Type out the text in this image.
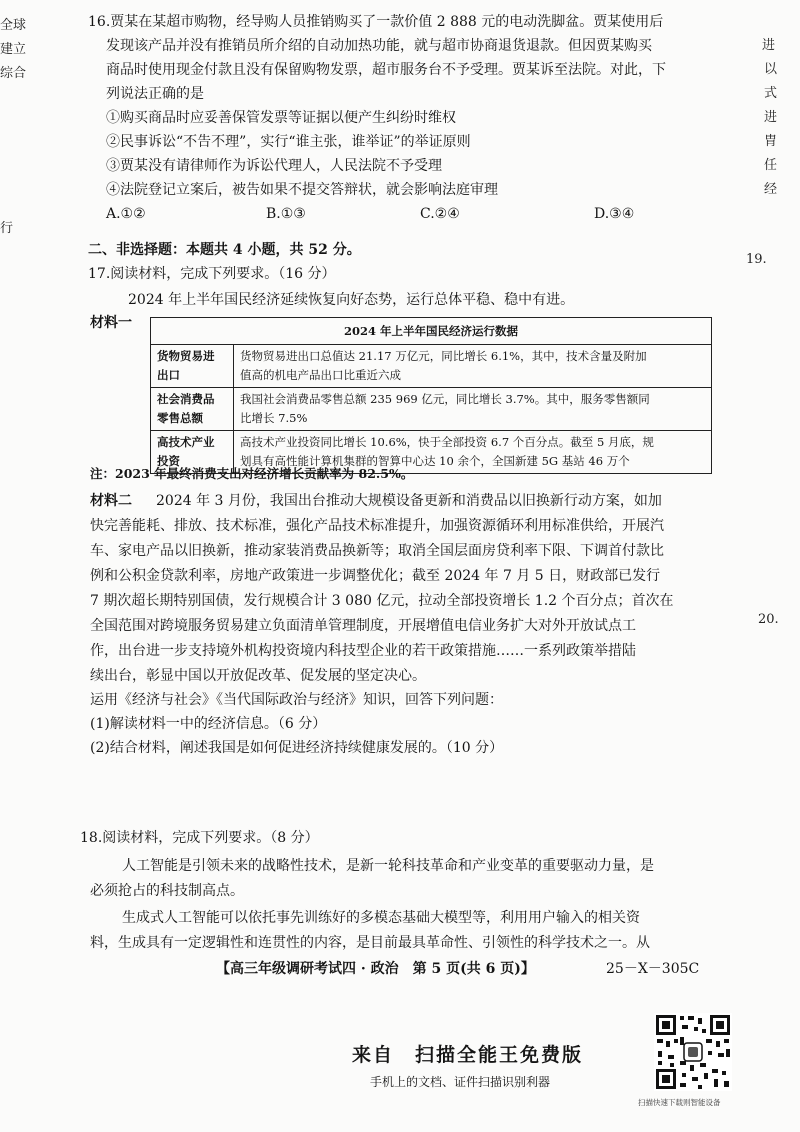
全球
建立
综合
行
进
以
式
进
胄
任
经
19.
20.
16.贾某在某超市购物，经导购人员推销购买了一款价值 2 888 元的电动洗脚盆。贾某使用后
发现该产品并没有推销员所介绍的自动加热功能，就与超市协商退货退款。但因贾某购买
商品时使用现金付款且没有保留购物发票，超市服务台不予受理。贾某诉至法院。对此，下
列说法正确的是
①购买商品时应妥善保管发票等证据以便产生纠纷时维权
②民事诉讼“不告不理”，实行“谁主张，谁举证”的举证原则
③贾某没有请律师作为诉讼代理人，人民法院不予受理
④法院登记立案后，被告如果不提交答辩状，就会影响法庭审理
A.①②	B.①③	C.②④	D.③④
二、非选择题：本题共 4 小题，共 52 分。
17.阅读材料，完成下列要求。（16 分）
2024 年上半年国民经济延续恢复向好态势，运行总体平稳、稳中有进。
材料一	2024 年上半年国民经济运行数据	
货物贸易进
出口	货物贸易进出口总值达 21.17 万亿元，同比增长 6.1%，其中，技术含量及附加
值高的机电产品出口比重近六成
社会消费品
零售总额	我国社会消费品零售总额 235 969 亿元，同比增长 3.7%。其中，服务零售额同
比增长 7.5%
高技术产业
投资	高技术产业投资同比增长 10.6%，快于全部投资 6.7 个百分点。截至 5 月底，规
划具有高性能计算机集群的智算中心达 10 余个，全国新建 5G 基站 46 万个
注：2023 年最终消费支出对经济增长贡献率为 82.5%。
材料二 2024 年 3 月份，我国出台推动大规模设备更新和消费品以旧换新行动方案，如加
快完善能耗、排放、技术标准，强化产品技术标准提升，加强资源循环利用标准供给，开展汽
车、家电产品以旧换新，推动家装消费品换新等；取消全国层面房贷利率下限、下调首付款比
例和公积金贷款利率，房地产政策进一步调整优化；截至 2024 年 7 月 5 日，财政部已发行
7 期次超长期特别国债，发行规模合计 3 080 亿元，拉动全部投资增长 1.2 个百分点；首次在
全国范围对跨境服务贸易建立负面清单管理制度，开展增值电信业务扩大对外开放试点工
作，出台进一步支持境外机构投资境内科技型企业的若干政策措施……一系列政策举措陆
续出台，彰显中国以开放促改革、促发展的坚定决心。
运用《经济与社会》《当代国际政治与经济》知识，回答下列问题：
(1)解读材料一中的经济信息。（6 分）
(2)结合材料，阐述我国是如何促进经济持续健康发展的。（10 分）
18.阅读材料，完成下列要求。（8 分）
人工智能是引领未来的战略性技术，是新一轮科技革命和产业变革的重要驱动力量，是
必须抢占的科技制高点。
生成式人工智能可以依托事先训练好的多模态基础大模型等，利用用户输入的相关资
料，生成具有一定逻辑性和连贯性的内容，是目前最具革命性、引领性的科学技术之一。从
【高三年级调研考试四 · 政治　第 5 页(共 6 页)】	25－X－305C
来自　扫描全能王免费版
手机上的文档、证件扫描识别利器
扫描快速下载则智能设备
